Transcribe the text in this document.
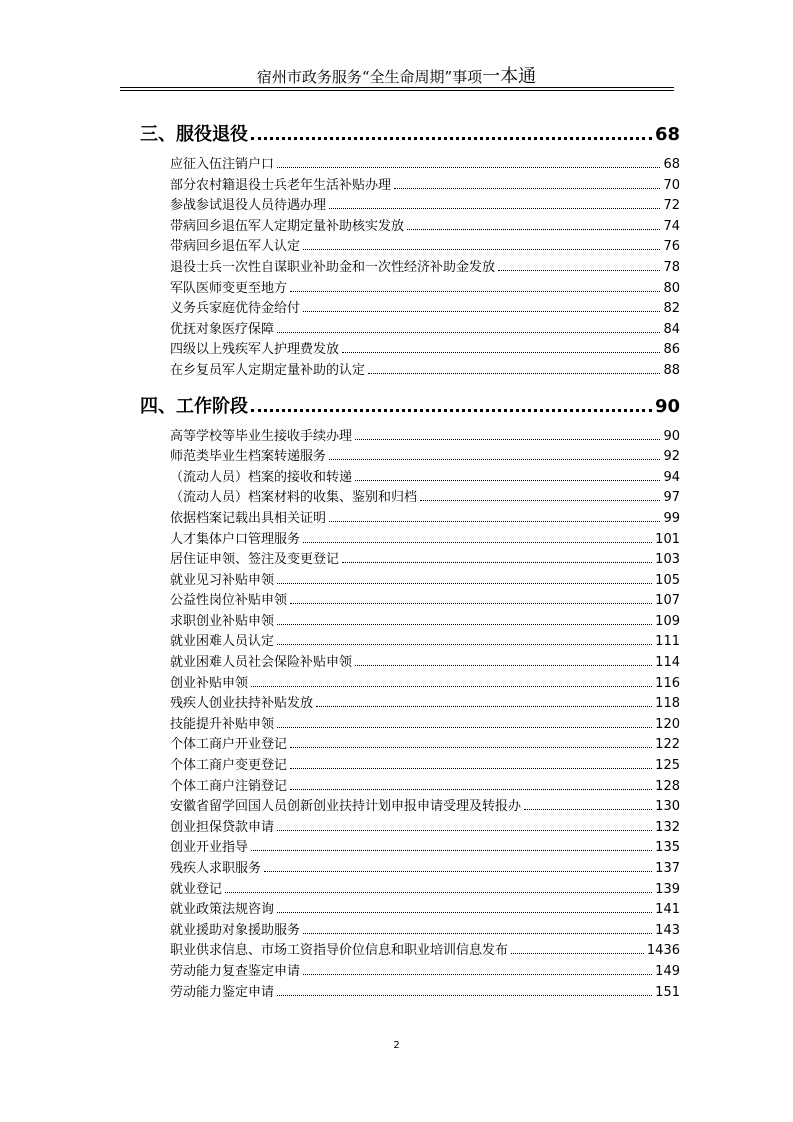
宿州市政务服务“全生命周期”事项一本通
三、服役退役	68
应征入伍注销户口	68
部分农村籍退役士兵老年生活补贴办理	70
参战参试退役人员待遇办理	72
带病回乡退伍军人定期定量补助核实发放	74
带病回乡退伍军人认定	76
退役士兵一次性自谋职业补助金和一次性经济补助金发放	78
军队医师变更至地方	80
义务兵家庭优待金给付	82
优抚对象医疗保障	84
四级以上残疾军人护理费发放	86
在乡复员军人定期定量补助的认定	88
四、工作阶段	90
高等学校等毕业生接收手续办理	90
师范类毕业生档案转递服务	92
（流动人员）档案的接收和转递	94
（流动人员）档案材料的收集、鉴别和归档	97
依据档案记载出具相关证明	99
人才集体户口管理服务	101
居住证申领、签注及变更登记	103
就业见习补贴申领	105
公益性岗位补贴申领	107
求职创业补贴申领	109
就业困难人员认定	111
就业困难人员社会保险补贴申领	114
创业补贴申领	116
残疾人创业扶持补贴发放	118
技能提升补贴申领	120
个体工商户开业登记	122
个体工商户变更登记	125
个体工商户注销登记	128
安徽省留学回国人员创新创业扶持计划申报申请受理及转报办	130
创业担保贷款申请	132
创业开业指导	135
残疾人求职服务	137
就业登记	139
就业政策法规咨询	141
就业援助对象援助服务	143
职业供求信息、市场工资指导价位信息和职业培训信息发布	1436
劳动能力复查鉴定申请	149
劳动能力鉴定申请	151
2
